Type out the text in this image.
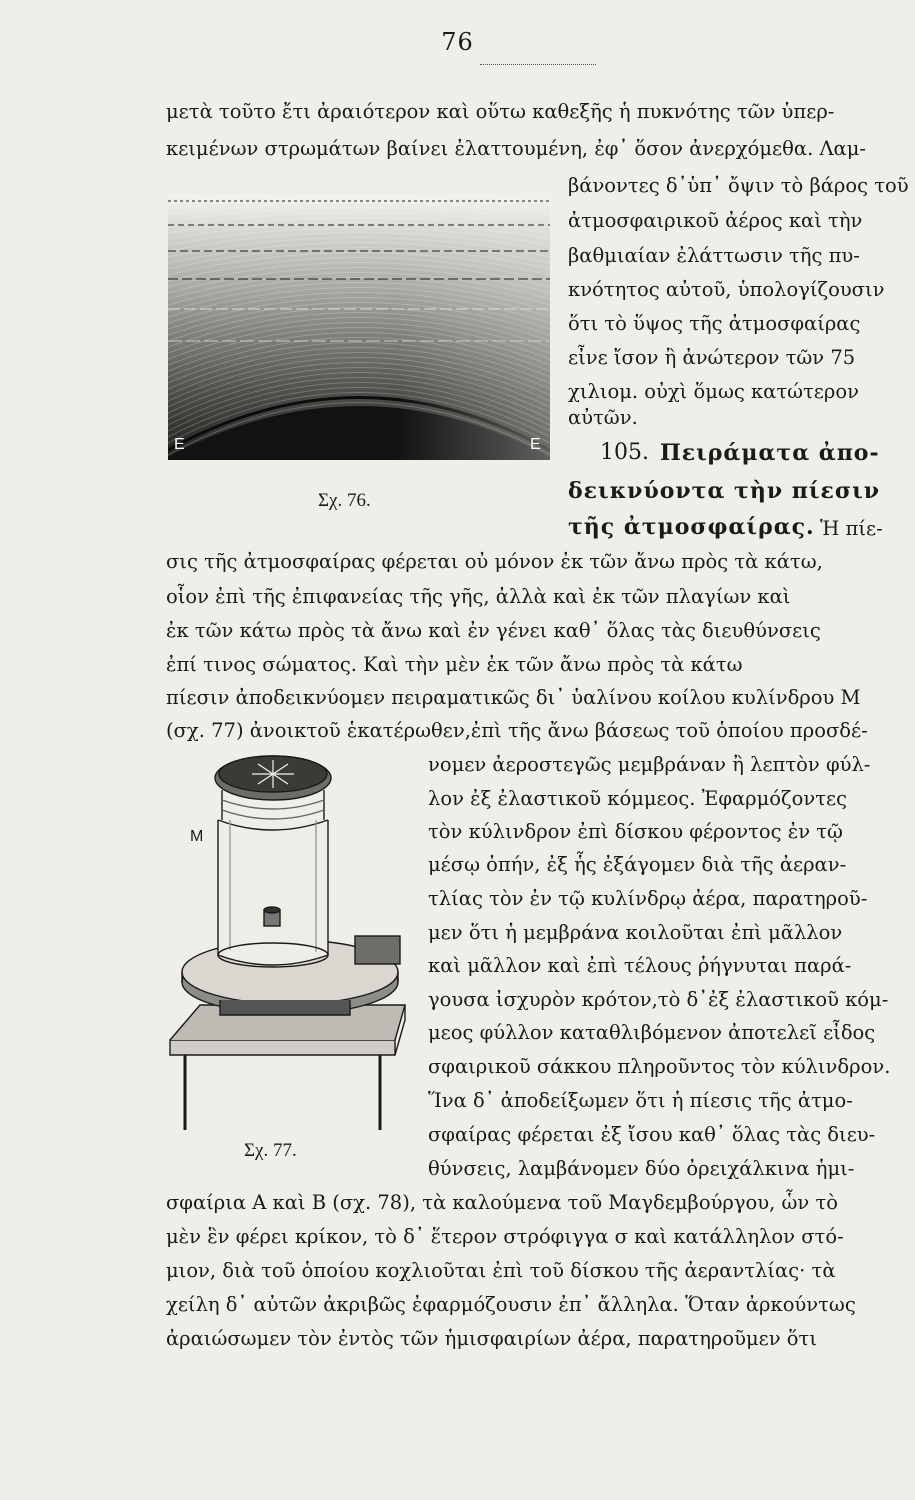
76
μετὰ τοῦτο ἔτι ἀραιότερον καὶ οὕτω καθεξῆς ἡ πυκνότης τῶν ὑπερ-
κειμένων στρωμάτων βαίνει ἐλαττουμένη, ἐφ᾿ ὅσον ἀνερχόμεθα. Λαμ-
E	E
Σχ. 76.
βάνοντες δ᾿ὑπ᾿ ὄψιν τὸ βάρος τοῦ
ἀτμοσφαιρικοῦ ἀέρος καὶ τὴν
βαθμιαίαν ἐλάττωσιν τῆς πυ-
κνότητος αὐτοῦ, ὑπολογίζουσιν
ὅτι τὸ ὕψος τῆς ἀτμοσφαίρας
εἶνε ἴσον ἢ ἀνώτερον τῶν 75
χιλιομ. οὐχὶ ὅμως κατώτερον
αὐτῶν.
105. Πειράματα ἀπο-
δεικνύοντα τὴν πίεσιν
τῆς ἀτμοσφαίρας. Ἡ πίε-
σις τῆς ἀτμοσφαίρας φέρεται οὐ μόνον ἐκ τῶν ἄνω πρὸς τὰ κάτω,
οἷον ἐπὶ τῆς ἐπιφανείας τῆς γῆς, ἀλλὰ καὶ ἐκ τῶν πλαγίων καὶ
ἐκ τῶν κάτω πρὸς τὰ ἄνω καὶ ἐν γένει καθ᾿ ὅλας τὰς διευθύνσεις
ἐπί τινος σώματος. Καὶ τὴν μὲν ἐκ τῶν ἄνω πρὸς τὰ κάτω
πίεσιν ἀποδεικνύομεν πειραματικῶς δι᾿ ὑαλίνου κοίλου κυλίνδρου Μ
(σχ. 77) ἀνοικτοῦ ἑκατέρωθεν,ἐπὶ τῆς ἄνω βάσεως τοῦ ὁποίου προσδέ-
M
Σχ. 77.
νομεν ἀεροστεγῶς μεμβράναν ἢ λεπτὸν φύλ-
λον ἐξ ἐλαστικοῦ κόμμεος. Ἐφαρμόζοντες
τὸν κύλινδρον ἐπὶ δίσκου φέροντος ἐν τῷ
μέσῳ ὀπήν, ἐξ ἧς ἐξάγομεν διὰ τῆς ἀεραν-
τλίας τὸν ἐν τῷ κυλίνδρῳ ἀέρα, παρατηροῦ-
μεν ὅτι ἡ μεμβράνα κοιλοῦται ἐπὶ μᾶλλον
καὶ μᾶλλον καὶ ἐπὶ τέλους ῥήγνυται παρά-
γουσα ἰσχυρὸν κρότον,τὸ δ᾿ἐξ ἐλαστικοῦ κόμ-
μεος φύλλον καταθλιβόμενον ἀποτελεῖ εἶδος
σφαιρικοῦ σάκκου πληροῦντος τὸν κύλινδρον.
Ἵνα δ᾿ ἀποδείξωμεν ὅτι ἡ πίεσις τῆς ἀτμο-
σφαίρας φέρεται ἐξ ἴσου καθ᾿ ὅλας τὰς διευ-
θύνσεις, λαμβάνομεν δύο ὀρειχάλκινα ἡμι-
σφαίρια Α καὶ Β (σχ. 78), τὰ καλούμενα τοῦ Μαγδεμβούργου, ὧν τὸ
μὲν ἓν φέρει κρίκον, τὸ δ᾿ ἕτερον στρόφιγγα σ καὶ κατάλληλον στό-
μιον, διὰ τοῦ ὁποίου κοχλιοῦται ἐπὶ τοῦ δίσκου τῆς ἀεραντλίας· τὰ
χείλη δ᾿ αὐτῶν ἀκριβῶς ἐφαρμόζουσιν ἐπ᾿ ἄλληλα. Ὅταν ἀρκούντως
ἀραιώσωμεν τὸν ἐντὸς τῶν ἡμισφαιρίων ἀέρα, παρατηροῦμεν ὅτι
